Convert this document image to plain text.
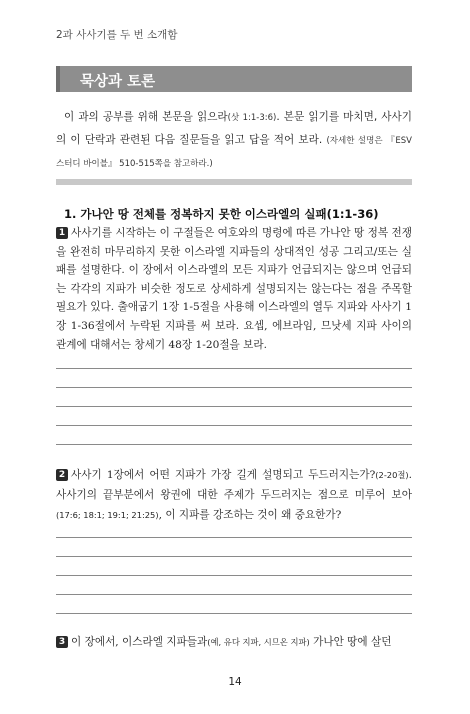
2과 사사기를 두 번 소개함
묵상과 토론
이 과의 공부를 위해 본문을 읽으라(삿 1:1-3:6). 본문 읽기를 마치면, 사사기의 이 단락과 관련된 다음 질문들을 읽고 답을 적어 보라. (자세한 설명은 『ESV 스터디 바이블』 510-515쪽을 참고하라.)
1. 가나안 땅 전체를 정복하지 못한 이스라엘의 실패(1:1-36)
1 사사기를 시작하는 이 구절들은 여호와의 명령에 따른 가나안 땅 정복 전쟁을 완전히 마무리하지 못한 이스라엘 지파들의 상대적인 성공 그리고/또는 실패를 설명한다. 이 장에서 이스라엘의 모든 지파가 언급되지는 않으며 언급되는 각각의 지파가 비슷한 정도로 상세하게 설명되지는 않는다는 점을 주목할 필요가 있다. 출애굽기 1장 1-5절을 사용해 이스라엘의 열두 지파와 사사기 1장 1-36절에서 누락된 지파를 써 보라. 요셉, 에브라임, 므낫세 지파 사이의 관계에 대해서는 창세기 48장 1-20절을 보라.
2 사사기 1장에서 어떤 지파가 가장 길게 설명되고 두드러지는가?(2-20절). 사사기의 끝부분에서 왕권에 대한 주제가 두드러지는 점으로 미루어 보아(17:6; 18:1; 19:1; 21:25), 이 지파를 강조하는 것이 왜 중요한가?
3 이 장에서, 이스라엘 지파들과(예, 유다 지파, 시므온 지파) 가나안 땅에 살던
14
